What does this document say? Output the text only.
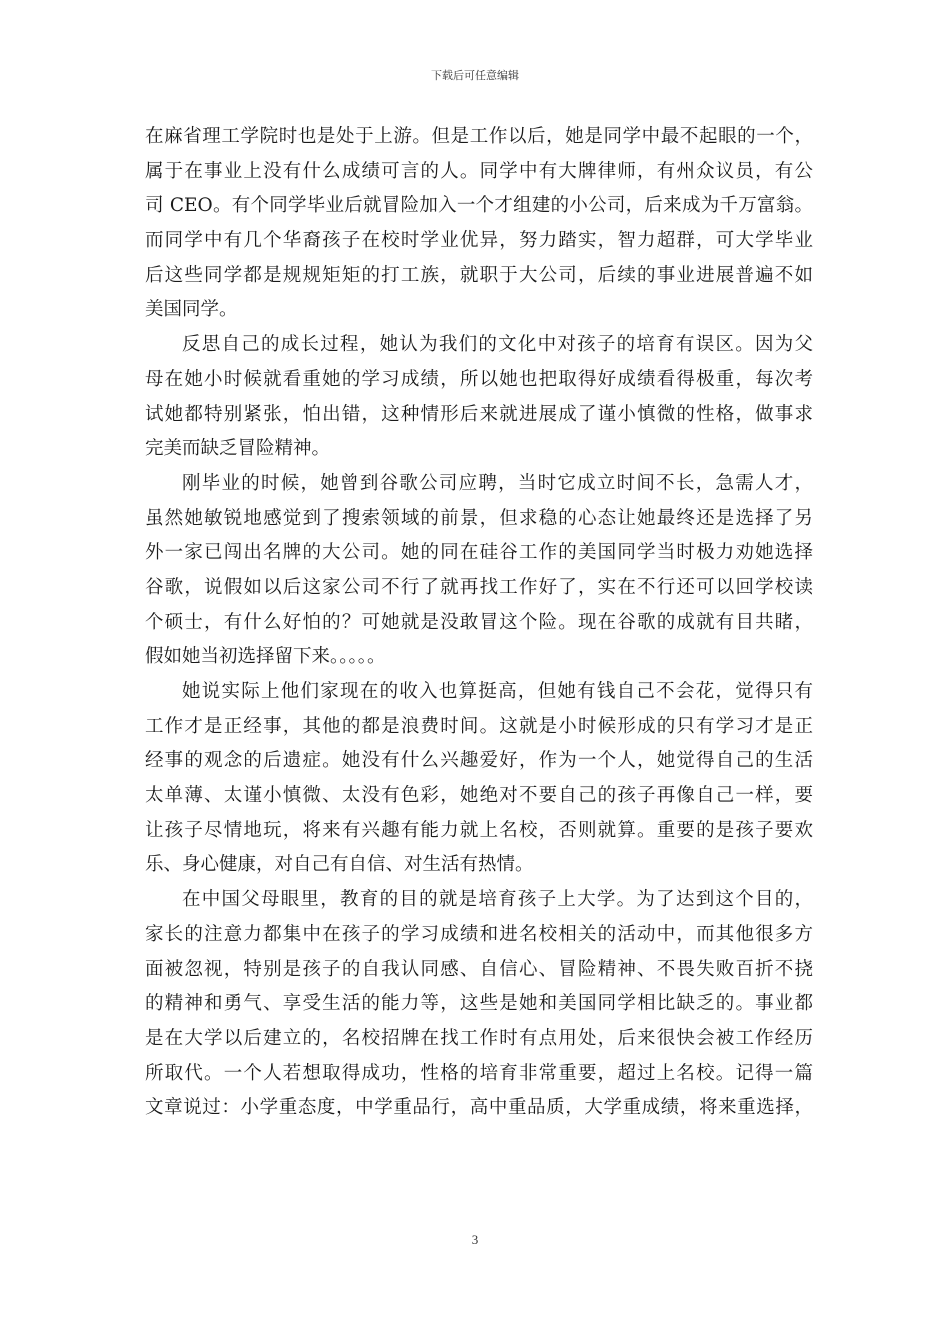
下载后可任意编辑
在麻省理工学院时也是处于上游。但是工作以后，她是同学中最不起眼的一个，
属于在事业上没有什么成绩可言的人。同学中有大牌律师，有州众议员，有公
司 CEO。有个同学毕业后就冒险加入一个才组建的小公司，后来成为千万富翁。
而同学中有几个华裔孩子在校时学业优异，努力踏实，智力超群，可大学毕业
后这些同学都是规规矩矩的打工族，就职于大公司，后续的事业进展普遍不如
美国同学。
反思自己的成长过程，她认为我们的文化中对孩子的培育有误区。因为父
母在她小时候就看重她的学习成绩，所以她也把取得好成绩看得极重，每次考
试她都特别紧张，怕出错，这种情形后来就进展成了谨小慎微的性格，做事求
完美而缺乏冒险精神。
刚毕业的时候，她曾到谷歌公司应聘，当时它成立时间不长，急需人才，
虽然她敏锐地感觉到了搜索领域的前景，但求稳的心态让她最终还是选择了另
外一家已闯出名牌的大公司。她的同在硅谷工作的美国同学当时极力劝她选择
谷歌，说假如以后这家公司不行了就再找工作好了，实在不行还可以回学校读
个硕士，有什么好怕的？可她就是没敢冒这个险。现在谷歌的成就有目共睹，
假如她当初选择留下来。。。。。
她说实际上他们家现在的收入也算挺高，但她有钱自己不会花，觉得只有
工作才是正经事，其他的都是浪费时间。这就是小时候形成的只有学习才是正
经事的观念的后遗症。她没有什么兴趣爱好，作为一个人，她觉得自己的生活
太单薄、太谨小慎微、太没有色彩，她绝对不要自己的孩子再像自己一样，要
让孩子尽情地玩，将来有兴趣有能力就上名校，否则就算。重要的是孩子要欢
乐、身心健康，对自己有自信、对生活有热情。
在中国父母眼里，教育的目的就是培育孩子上大学。为了达到这个目的，
家长的注意力都集中在孩子的学习成绩和进名校相关的活动中，而其他很多方
面被忽视，特别是孩子的自我认同感、自信心、冒险精神、不畏失败百折不挠
的精神和勇气、享受生活的能力等，这些是她和美国同学相比缺乏的。事业都
是在大学以后建立的，名校招牌在找工作时有点用处，后来很快会被工作经历
所取代。一个人若想取得成功，性格的培育非常重要，超过上名校。记得一篇
文章说过：小学重态度，中学重品行，高中重品质，大学重成绩，将来重选择，
3
